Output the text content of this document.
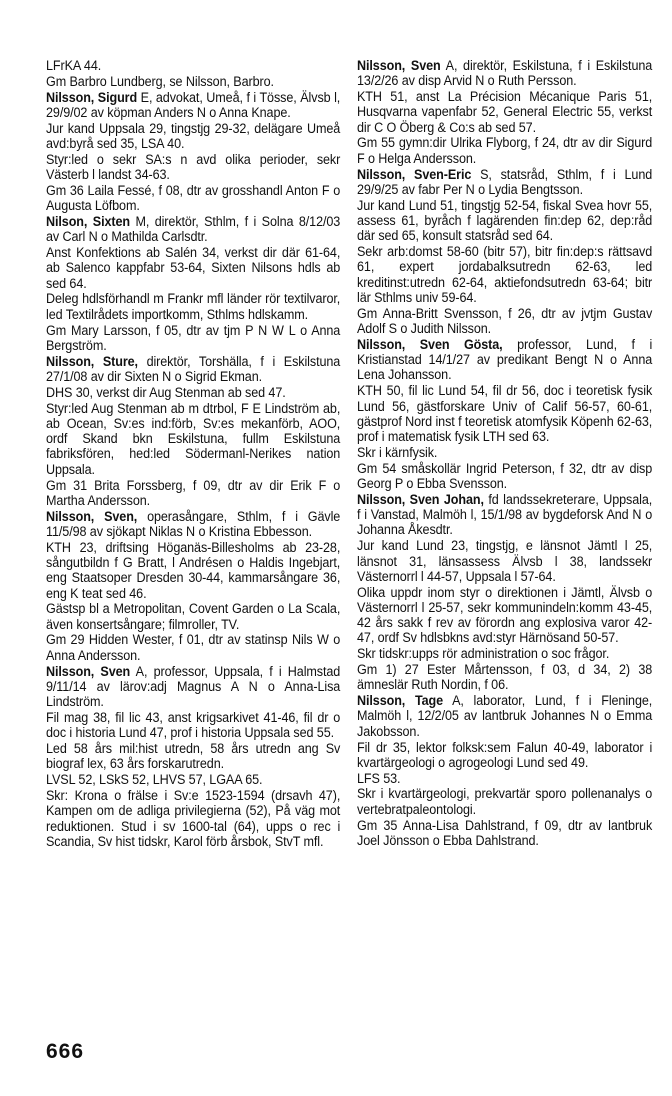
LFrKA 44.

Gm Barbro Lundberg, se Nilsson, Barbro.

Nilsson, Sigurd E, advokat, Umeå, f i Tösse, Älvsb l, 29/9/02 av köpman Anders N o Anna Knape.

Jur kand Uppsala 29, tingstjg 29-32, delägare Umeå avd:byrå sed 35, LSA 40.

Styr:led o sekr SA:s n avd olika perioder, sekr Västerb l landst 34-63.

Gm 36 Laila Fessé, f 08, dtr av grosshandl Anton F o Augusta Löfbom.

Nilson, Sixten M, direktör, Sthlm, f i Solna 8/12/03 av Carl N o Mathilda Carlsdtr.

Anst Konfektions ab Salén 34, verkst dir där 61-64, ab Salenco kappfabr 53-64, Sixten Nilsons hdls ab sed 64.

Deleg hdlsförhandl m Frankr mfl länder rör textilvaror, led Textilrådets importkomm, Sthlms hdlskamm.

Gm Mary Larsson, f 05, dtr av tjm P N W L o Anna Bergström.

Nilsson, Sture, direktör, Torshälla, f i Eskilstuna 27/1/08 av dir Sixten N o Sigrid Ekman.

DHS 30, verkst dir Aug Stenman ab sed 47.

Styr:led Aug Stenman ab m dtrbol, F E Lindström ab, ab Ocean, Sv:es ind:förb, Sv:es mekanförb, AOO, ordf Skand bkn Eskilstuna, fullm Eskilstuna fabriksfören, hed:led Södermanl-Nerikes nation Uppsala.

Gm 31 Brita Forssberg, f 09, dtr av dir Erik F o Martha Andersson.

Nilsson, Sven, operasångare, Sthlm, f i Gävle 11/5/98 av sjökapt Niklas N o Kristina Ebbesson.

KTH 23, driftsing Höganäs-Billesholms ab 23-28, sångutbildn f G Bratt, l Andrésen o Haldis Ingebjart, eng Staatsoper Dresden 30-44, kammarsångare 36, eng K teat sed 46.

Gästsp bl a Metropolitan, Covent Garden o La Scala, även konsertsångare; filmroller, TV.

Gm 29 Hidden Wester, f 01, dtr av statinsp Nils W o Anna Andersson.

Nilsson, Sven A, professor, Uppsala, f i Halmstad 9/11/14 av lärov:adj Magnus A N o Anna-Lisa Lindström.

Fil mag 38, fil lic 43, anst krigsarkivet 41-46, fil dr o doc i historia Lund 47, prof i historia Uppsala sed 55.

Led 58 års mil:hist utredn, 58 års utredn ang Sv biograf lex, 63 års forskarutredn.

LVSL 52, LSkS 52, LHVS 57, LGAA 65.

Skr: Krona o frälse i Sv:e 1523-1594 (drsavh 47), Kampen om de adliga privilegierna (52), På väg mot reduktionen. Stud i sv 1600-tal (64), upps o rec i Scandia, Sv hist tidskr, Karol förb årsbok, StvT mfl.

Nilsson, Sven A, direktör, Eskilstuna, f i Eskilstuna 13/2/26 av disp Arvid N o Ruth Persson.

KTH 51, anst La Précision Mécanique Paris 51, Husqvarna vapenfabr 52, General Electric 55, verkst dir C O Öberg & Co:s ab sed 57.

Gm 55 gymn:dir Ulrika Flyborg, f 24, dtr av dir Sigurd F o Helga Andersson.

Nilsson, Sven-Eric S, statsråd, Sthlm, f i Lund 29/9/25 av fabr Per N o Lydia Bengtsson.

Jur kand Lund 51, tingstjg 52-54, fiskal Svea hovr 55, assess 61, byråch f lagärenden fin:dep 62, dep:råd där sed 65, konsult statsråd sed 64.

Sekr arb:domst 58-60 (bitr 57), bitr fin:dep:s rättsavd 61, expert jordabalksutredn 62-63, led kreditinst:utredn 62-64, aktiefondsutredn 63-64; bitr lär Sthlms univ 59-64.

Gm Anna-Britt Svensson, f 26, dtr av jvtjm Gustav Adolf S o Judith Nilsson.

Nilsson, Sven Gösta, professor, Lund, f i Kristianstad 14/1/27 av predikant Bengt N o Anna Lena Johansson.

KTH 50, fil lic Lund 54, fil dr 56, doc i teoretisk fysik Lund 56, gästforskare Univ of Calif 56-57, 60-61, gästprof Nord inst f teoretisk atomfysik Köpenh 62-63, prof i matematisk fysik LTH sed 63.

Skr i kärnfysik.

Gm 54 småskollär Ingrid Peterson, f 32, dtr av disp Georg P o Ebba Svensson.

Nilsson, Sven Johan, fd landssekreterare, Uppsala, f i Vanstad, Malmöh l, 15/1/98 av bygdeforsk And N o Johanna Åkesdtr.

Jur kand Lund 23, tingstjg, e länsnot Jämtl l 25, länsnot 31, länsassess Älvsb l 38, landssekr Västernorrl l 44-57, Uppsala l 57-64.

Olika uppdr inom styr o direktionen i Jämtl, Älvsb o Västernorrl l 25-57, sekr kommunindeln:komm 43-45, 42 års sakk f rev av förordn ang explosiva varor 42-47, ordf Sv hdlsbkns avd:styr Härnösand 50-57.

Skr tidskr:upps rör administration o soc frågor.

Gm 1) 27 Ester Mårtensson, f 03, d 34, 2) 38 ämneslär Ruth Nordin, f 06.

Nilsson, Tage A, laborator, Lund, f i Fleninge, Malmöh l, 12/2/05 av lantbruk Johannes N o Emma Jakobsson.

Fil dr 35, lektor folksk:sem Falun 40-49, laborator i kvartärgeologi o agrogeologi Lund sed 49.

LFS 53.

Skr i kvartärgeologi, prekvartär sporo pollenanalys o vertebratpaleontologi.

Gm 35 Anna-Lisa Dahlstrand, f 09, dtr av lantbruk Joel Jönsson o Ebba Dahlstrand.

666
